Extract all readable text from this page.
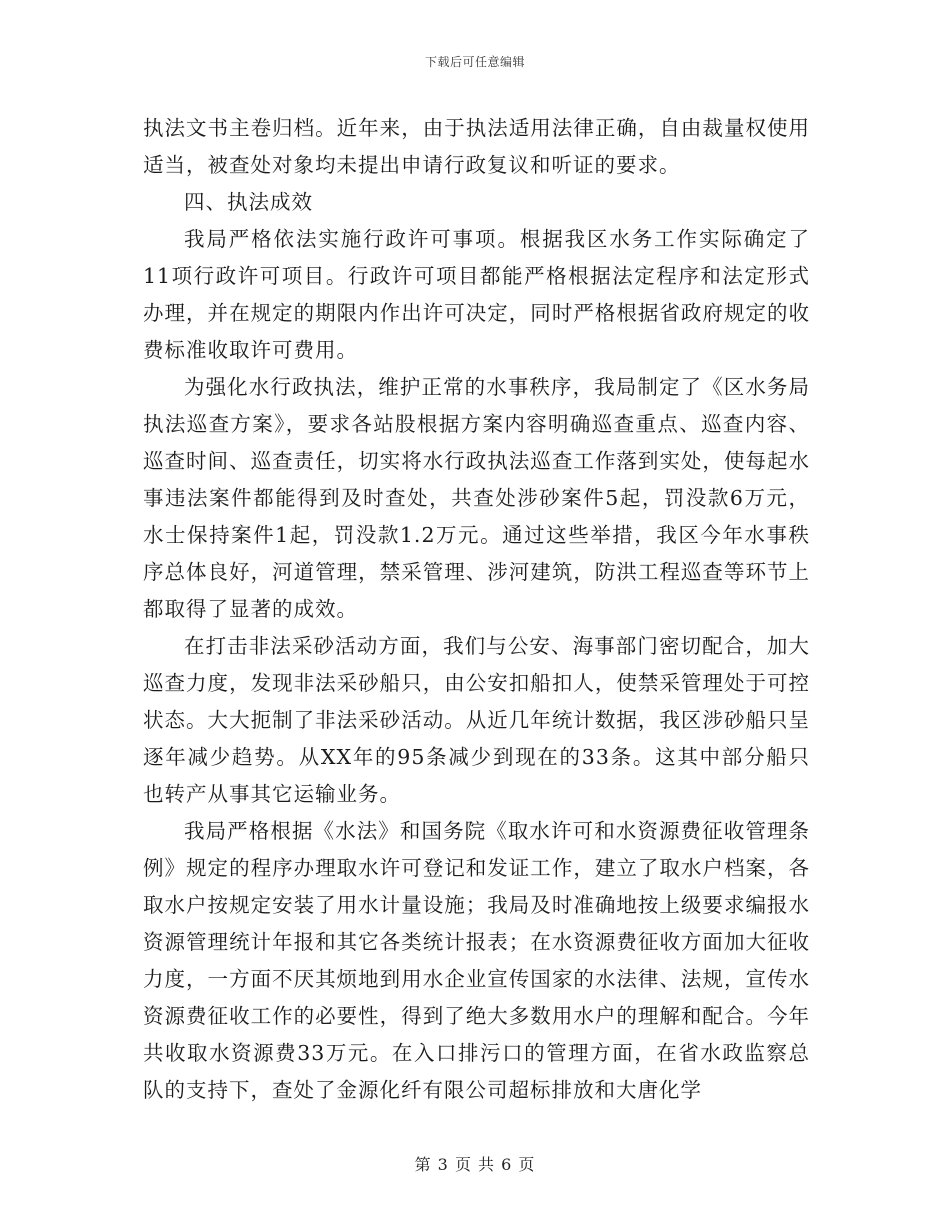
下载后可任意编辑

执法文书主卷归档。近年来，由于执法适用法律正确，自由裁量权使用适当，被查处对象均未提出申请行政复议和听证的要求。

四、执法成效

我局严格依法实施行政许可事项。根据我区水务工作实际确定了11项行政许可项目。行政许可项目都能严格根据法定程序和法定形式办理，并在规定的期限内作出许可决定，同时严格根据省政府规定的收费标准收取许可费用。

为强化水行政执法，维护正常的水事秩序，我局制定了《区水务局执法巡查方案》，要求各站股根据方案内容明确巡查重点、巡查内容、巡查时间、巡查责任，切实将水行政执法巡查工作落到实处，使每起水事违法案件都能得到及时查处，共查处涉砂案件5起，罚没款6万元，水士保持案件1起，罚没款1.2万元。通过这些举措，我区今年水事秩序总体良好，河道管理，禁采管理、涉河建筑，防洪工程巡查等环节上都取得了显著的成效。

在打击非法采砂活动方面，我们与公安、海事部门密切配合，加大巡查力度，发现非法采砂船只，由公安扣船扣人，使禁采管理处于可控状态。大大扼制了非法采砂活动。从近几年统计数据，我区涉砂船只呈逐年减少趋势。从XX年的95条减少到现在的33条。这其中部分船只也转产从事其它运输业务。

我局严格根据《水法》和国务院《取水许可和水资源费征收管理条例》规定的程序办理取水许可登记和发证工作，建立了取水户档案，各取水户按规定安装了用水计量设施；我局及时准确地按上级要求编报水资源管理统计年报和其它各类统计报表；在水资源费征收方面加大征收力度，一方面不厌其烦地到用水企业宣传国家的水法律、法规，宣传水资源费征收工作的必要性，得到了绝大多数用水户的理解和配合。今年共收取水资源费33万元。在入口排污口的管理方面，在省水政监察总队的支持下，查处了金源化纤有限公司超标排放和大唐化学

第 3 页 共 6 页
